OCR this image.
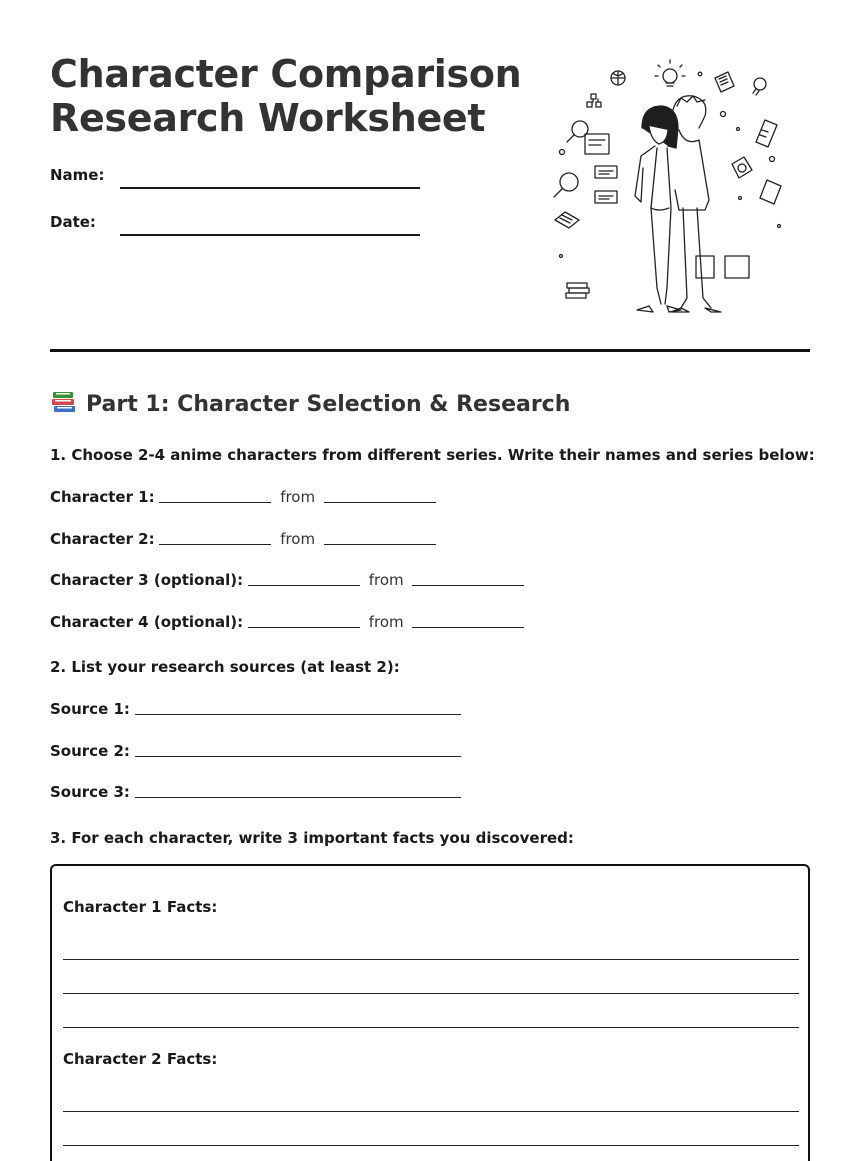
Character Comparison
Research Worksheet
Name:
Date:
Part 1: Character Selection & Research
1. Choose 2-4 anime characters from different series. Write their names and series below:
Character 1:	from
Character 2:	from
Character 3 (optional):	from
Character 4 (optional):	from
2. List your research sources (at least 2):
Source 1:
Source 2:
Source 3:
3. For each character, write 3 important facts you discovered:
Character 1 Facts:
Character 2 Facts:
